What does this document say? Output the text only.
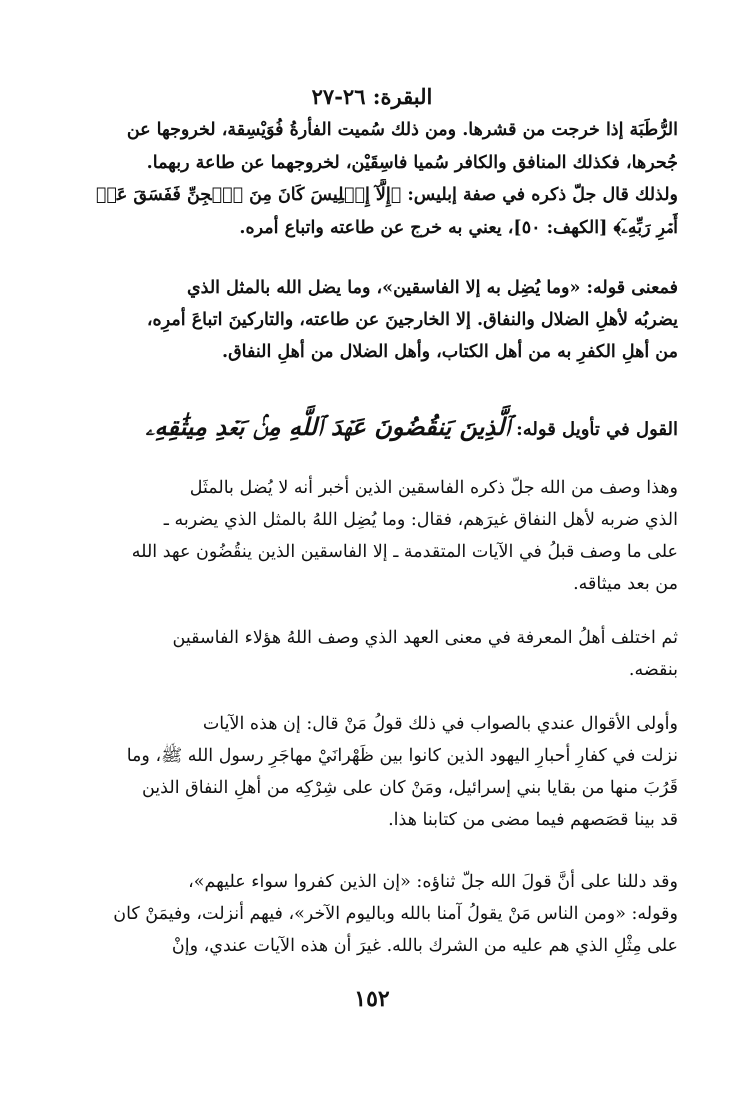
البقرة: ٢٦-٢٧
الرُّطَبَة إذا خرجت من قشرها. ومن ذلك سُميت الفأرةُ فُوَيْسِقة، لخروجها عن
جُحرها، فكذلك المنافق والكافر سُميا فاسِقَيْن، لخروجهما عن طاعة ربهما.
ولذلك قال جلّ ذكره في صفة إبليس: ﴿إِلَّآ إِبۡلِيسَ كَانَ مِنَ ٱلۡجِنِّ فَفَسَقَ عَنۡ
أَمۡرِ رَبِّهِۦٓ﴾ [الكهف: ٥٠]، يعني به خرج عن طاعته واتباع أمره.
فمعنى قوله: «وما يُضِل به إلا الفاسقين»، وما يضل الله بالمثل الذي
يضربُه لأهلِ الضلال والنفاق. إلا الخارجينَ عن طاعته، والتاركينَ اتباعَ أمرِه،
من أهلِ الكفرِ به من أهل الكتاب، وأهل الضلال من أهلِ النفاق.
القول في تأويل قوله: ٱلَّذِينَ يَنقُضُونَ عَهۡدَ ٱللَّهِ مِنۢ بَعۡدِ مِيثَٰقِهِۦ
وهذا وصف من الله جلّ ذكره الفاسقين الذين أخبر أنه لا يُضل بالمثَل
الذي ضربه لأهل النفاق غيرَهم، فقال: وما يُضِل اللهُ بالمثل الذي يضربه ـ
على ما وصف قبلُ في الآيات المتقدمة ـ إلا الفاسقين الذين ينقُضُون عهد الله
من بعد ميثاقه.
ثم اختلف أهلُ المعرفة في معنى العهد الذي وصف اللهُ هؤلاء الفاسقين
بنقضه.
وأولى الأقوال عندي بالصواب في ذلك قولُ مَنْ قال: إن هذه الآيات
نزلت في كفارِ أحبارِ اليهود الذين كانوا بين ظَهْرانَيْ مهاجَرِ رسول الله ﷺ، وما
قَرُبَ منها من بقايا بني إسرائيل، ومَنْ كان على شِرْكِه من أهلِ النفاق الذين
قد بينا قصَصهم فيما مضى من كتابنا هذا.
وقد دللنا على أنَّ قولَ الله جلّ ثناؤه: «إن الذين كفروا سواء عليهم»،
وقوله: «ومن الناس مَنْ يقولُ آمنا بالله وباليوم الآخر»، فيهم أنزلت، وفيمَنْ كان
على مِثْلِ الذي هم عليه من الشرك بالله. غيرَ أن هذه الآيات عندي، وإنْ
١٥٢
